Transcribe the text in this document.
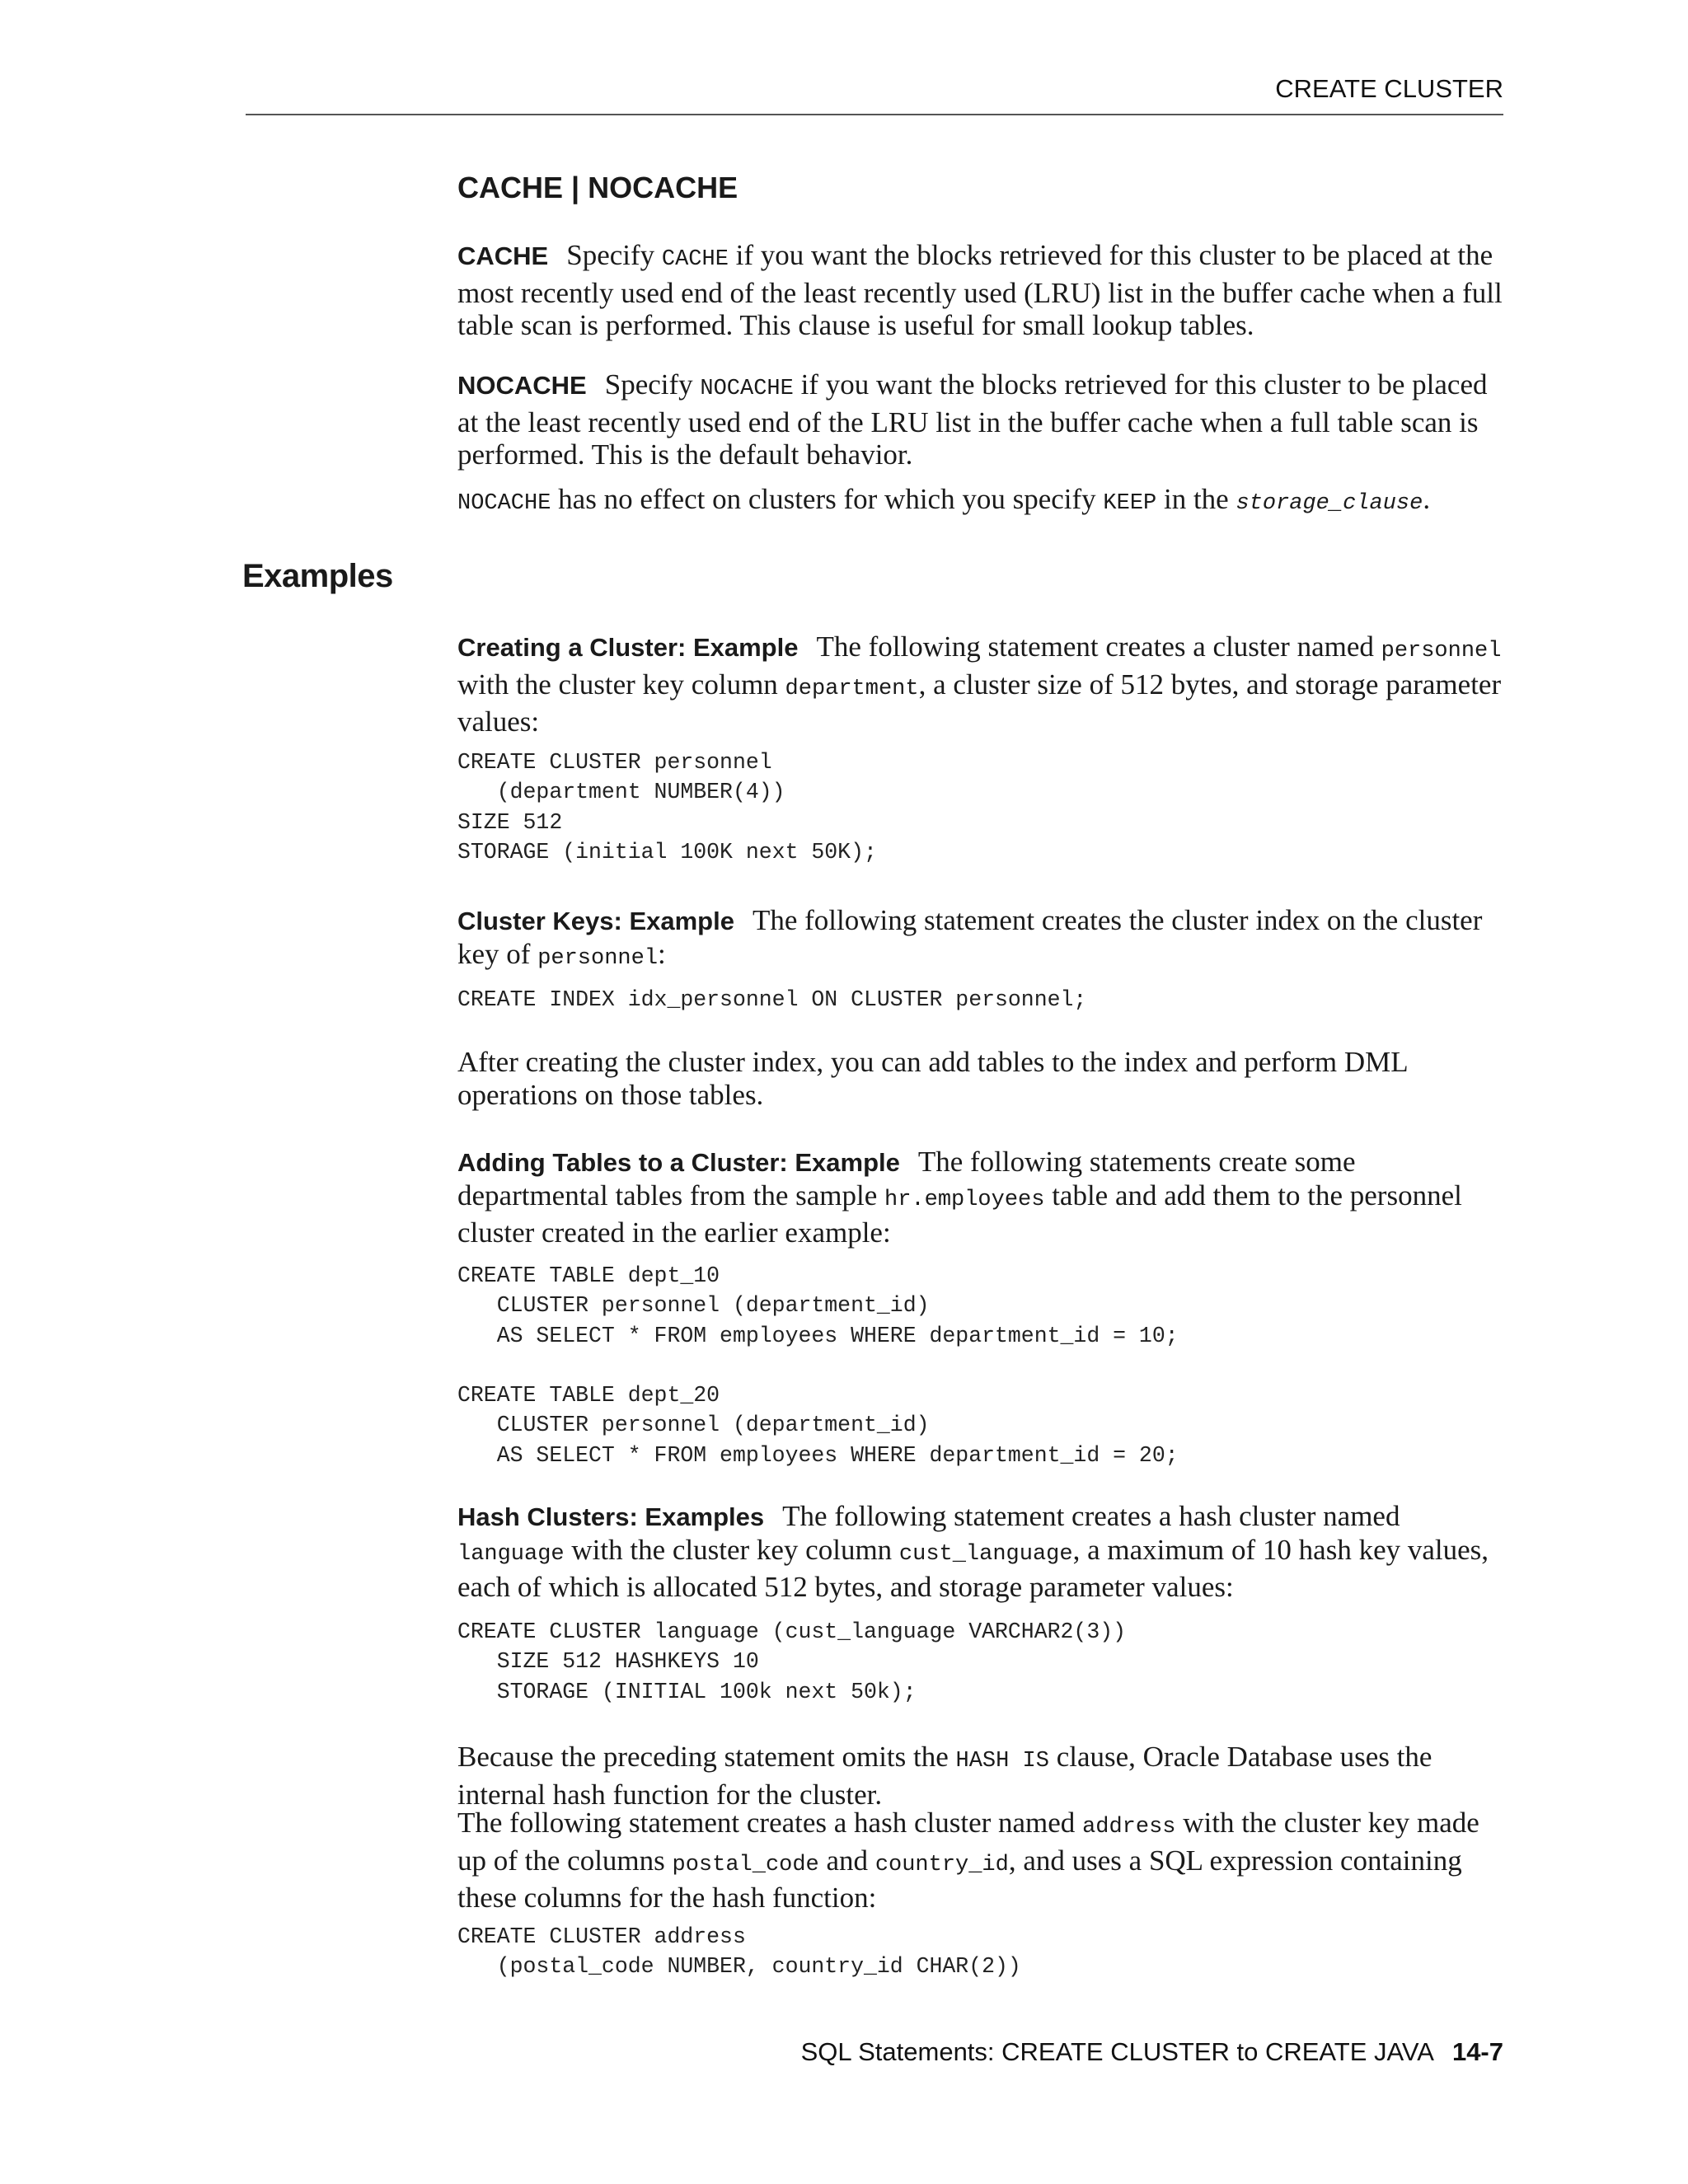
CREATE CLUSTER
CACHE | NOCACHE

CACHE Specify CACHE if you want the blocks retrieved for this cluster to be placed at the most recently used end of the least recently used (LRU) list in the buffer cache when a full table scan is performed. This clause is useful for small lookup tables.

NOCACHE Specify NOCACHE if you want the blocks retrieved for this cluster to be placed at the least recently used end of the LRU list in the buffer cache when a full table scan is performed. This is the default behavior.

NOCACHE has no effect on clusters for which you specify KEEP in the storage_clause.

Examples

Creating a Cluster: Example The following statement creates a cluster named personnel with the cluster key column department, a cluster size of 512 bytes, and storage parameter values:

CREATE CLUSTER personnel
(department NUMBER(4))
SIZE 512
STORAGE (initial 100K next 50K);

Cluster Keys: Example The following statement creates the cluster index on the cluster key of personnel:

CREATE INDEX idx_personnel ON CLUSTER personnel;

After creating the cluster index, you can add tables to the index and perform DML operations on those tables.

Adding Tables to a Cluster: Example The following statements create some departmental tables from the sample hr.employees table and add them to the personnel cluster created in the earlier example:

CREATE TABLE dept_10
CLUSTER personnel (department_id)
AS SELECT * FROM employees WHERE department_id = 10;

CREATE TABLE dept_20
CLUSTER personnel (department_id)
AS SELECT * FROM employees WHERE department_id = 20;

Hash Clusters: Examples The following statement creates a hash cluster named language with the cluster key column cust_language, a maximum of 10 hash key values, each of which is allocated 512 bytes, and storage parameter values:

CREATE CLUSTER language (cust_language VARCHAR2(3))
SIZE 512 HASHKEYS 10
STORAGE (INITIAL 100k next 50k);

Because the preceding statement omits the HASH IS clause, Oracle Database uses the internal hash function for the cluster.

The following statement creates a hash cluster named address with the cluster key made up of the columns postal_code and country_id, and uses a SQL expression containing these columns for the hash function:

CREATE CLUSTER address
(postal_code NUMBER, country_id CHAR(2))
SQL Statements: CREATE CLUSTER to CREATE JAVA 14-7
